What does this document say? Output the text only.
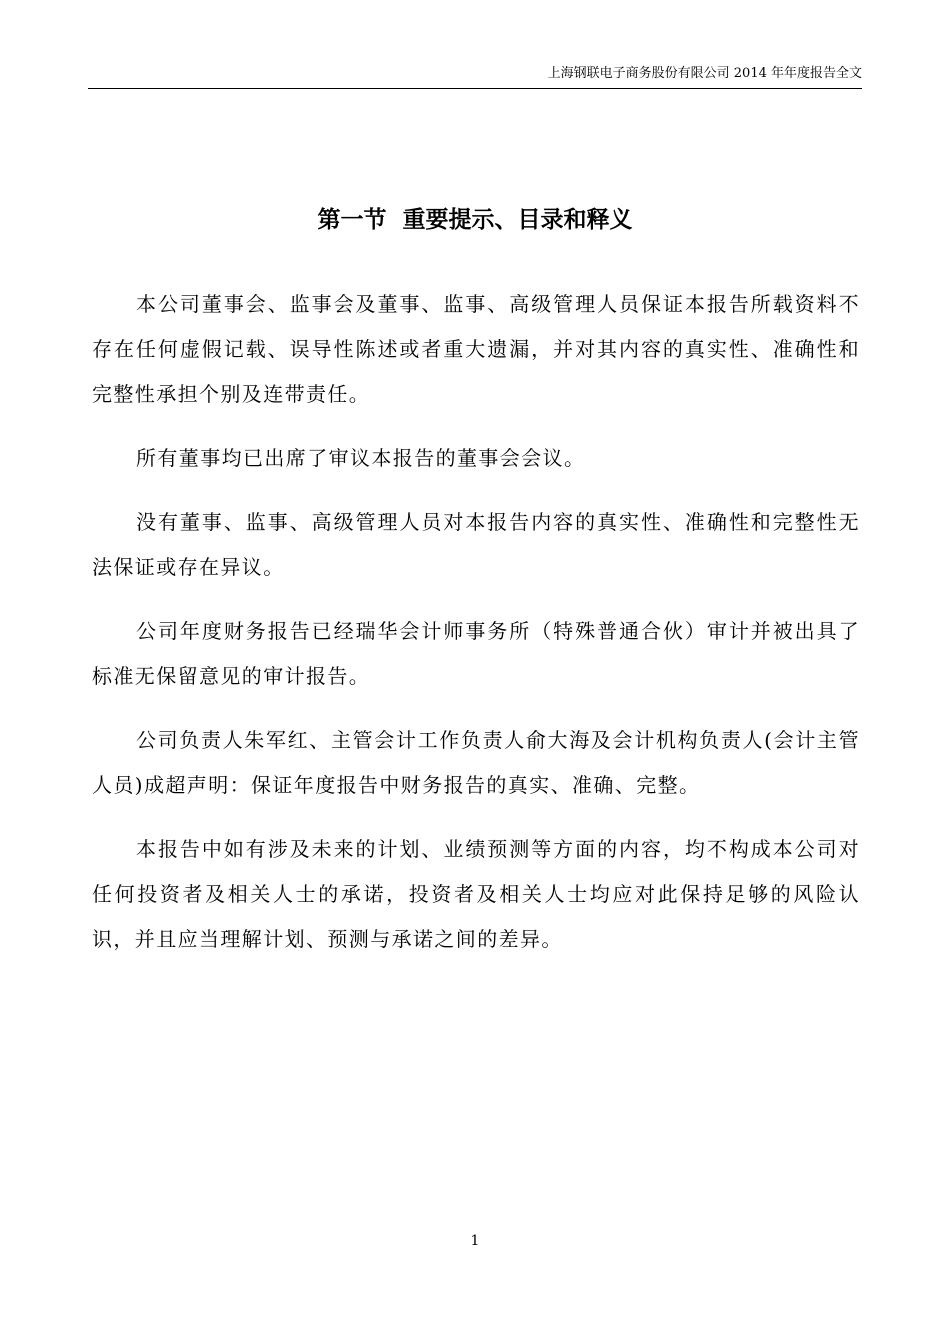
上海钢联电子商务股份有限公司 2014 年年度报告全文
第一节  重要提示、目录和释义

本公司董事会、监事会及董事、监事、高级管理人员保证本报告所载资料不存在任何虚假记载、误导性陈述或者重大遗漏，并对其内容的真实性、准确性和完整性承担个别及连带责任。

所有董事均已出席了审议本报告的董事会会议。

没有董事、监事、高级管理人员对本报告内容的真实性、准确性和完整性无法保证或存在异议。

公司年度财务报告已经瑞华会计师事务所（特殊普通合伙）审计并被出具了标准无保留意见的审计报告。

公司负责人朱军红、主管会计工作负责人俞大海及会计机构负责人(会计主管人员)成超声明：保证年度报告中财务报告的真实、准确、完整。

本报告中如有涉及未来的计划、业绩预测等方面的内容，均不构成本公司对任何投资者及相关人士的承诺，投资者及相关人士均应对此保持足够的风险认识，并且应当理解计划、预测与承诺之间的差异。

1
